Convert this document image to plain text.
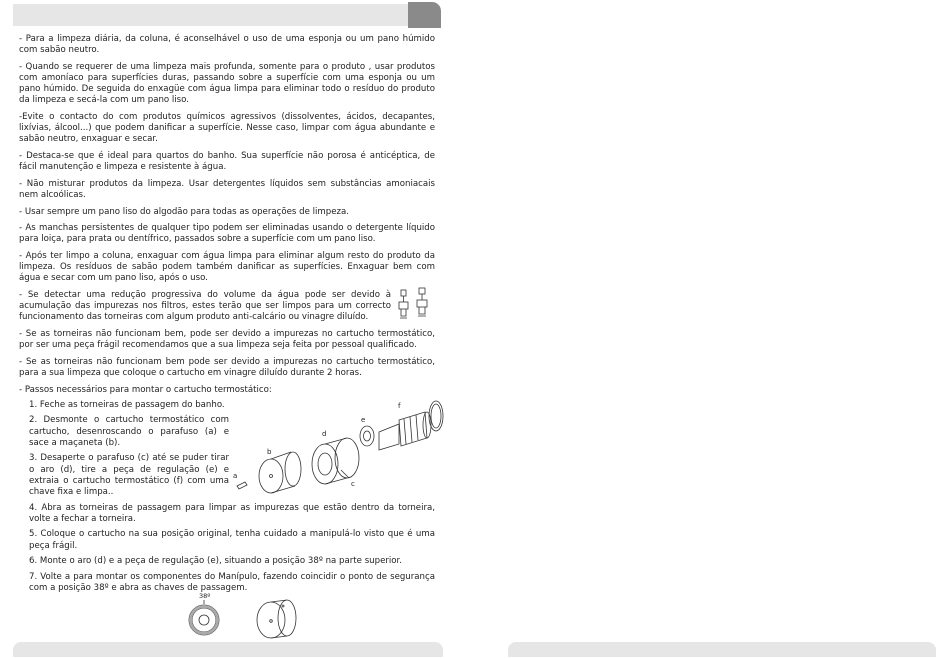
- Para a limpeza diária, da coluna, é aconselhável o uso de uma esponja ou um pano húmido com sabão neutro.

- Quando se requerer de uma limpeza mais profunda, somente para o produto , usar produtos com amoníaco para superfícies duras, passando sobre a superfície com uma esponja ou um pano húmido. De seguida do enxagüe com água limpa para eliminar todo o resíduo do produto da limpeza e secá-la com um pano liso.

-Evite o contacto do com produtos químicos agressivos (dissolventes, ácidos, decapantes, lixívias, álcool...) que podem danificar a superfície. Nesse caso, limpar com água abundante e sabão neutro, enxaguar e secar.

- Destaca-se que é ideal para quartos do banho. Sua superfície não porosa é anticéptica, de fácil manutenção e limpeza e resistente à água.

- Não misturar produtos da limpeza. Usar detergentes líquidos sem substâncias amoniacais nem alcoólicas.

- Usar sempre um pano liso do algodão para todas as operações de limpeza.

- As manchas persistentes de qualquer tipo podem ser eliminadas usando o detergente líquido para loiça, para prata ou dentífrico, passados sobre a superfície com um pano liso.

- Após ter limpo a coluna, enxaguar com água limpa para eliminar algum resto do produto da limpeza. Os resíduos de sabão podem também danificar as superfícies. Enxaguar bem com água e secar com um pano liso, após o uso.

- Se detectar uma redução progressiva do volume da água pode ser devido à acumulação das impurezas nos filtros, estes terão que ser limpos para um correcto funcionamento das torneiras com algum produto anti-calcário ou vinagre diluído.

- Se as torneiras não funcionam bem, pode ser devido a impurezas no cartucho termostático, por ser uma peça frágil recomendamos que a sua limpeza seja feita por pessoal qualificado.

- Se as torneiras não funcionam bem pode ser devido a impurezas no cartucho termostático, para a sua limpeza que coloque o cartucho em vinagre diluído durante 2 horas.

- Passos necessários para montar o cartucho termostático:

1. Feche as torneiras de passagem do banho.

2. Desmonte o cartucho termostático com cartucho, desenroscando o parafuso (a) e sace a maçaneta (b).

3. Desaperte o parafuso (c) até se puder tirar o aro (d), tire a peça de regulação (e) e extraia o cartucho termostático (f) com uma chave fixa e limpa..

a
b
c
d
e
f

4. Abra as torneiras de passagem para limpar as impurezas que estão dentro da torneira, volte a fechar a torneira.

5. Coloque o cartucho na sua posição original, tenha cuidado a manipulá-lo visto que é uma peça frágil.

6. Monte o aro (d) e a peça de regulação (e), situando a posição 38º na parte superior.

7. Volte a para montar os componentes do Manípulo, fazendo coincidir o ponto de segurança com a posição 38º e abra as chaves de passagem.

38º
